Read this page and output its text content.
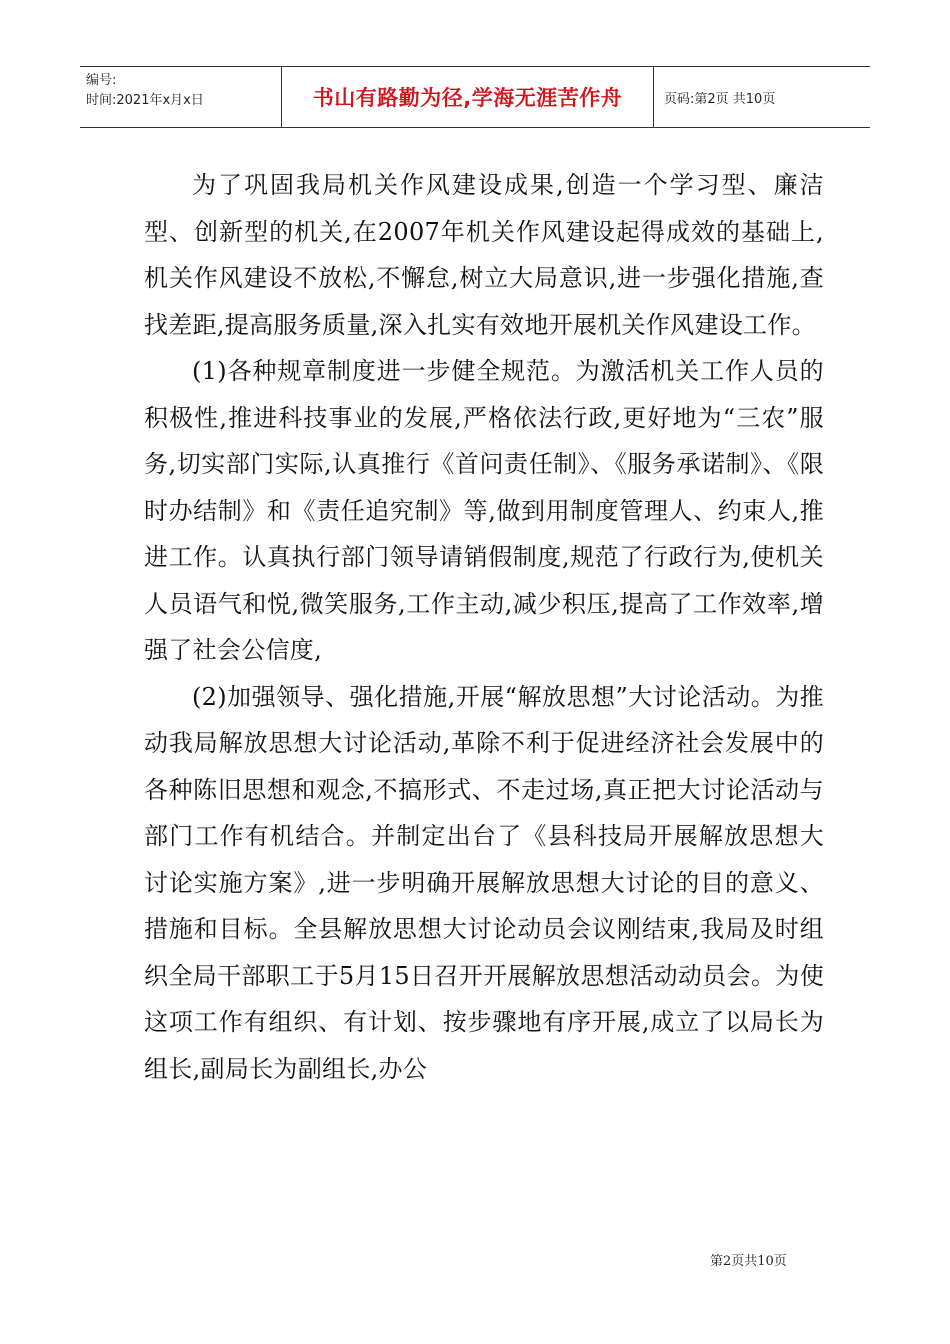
编号:
时间:2021年x月x日	书山有路勤为径,学海无涯苦作舟	页码:第2页 共10页

为了巩固我局机关作风建设成果,创造一个学习型、廉洁型、创新型的机关,在2007年机关作风建设起得成效的基础上,机关作风建设不放松,不懈怠,树立大局意识,进一步强化措施,查找差距,提高服务质量,深入扎实有效地开展机关作风建设工作。

(1)各种规章制度进一步健全规范。为激活机关工作人员的积极性,推进科技事业的发展,严格依法行政,更好地为“三农”服务,切实部门实际,认真推行《首问责任制》、《服务承诺制》、《限时办结制》和《责任追究制》等,做到用制度管理人、约束人,推进工作。认真执行部门领导请销假制度,规范了行政行为,使机关人员语气和悦,微笑服务,工作主动,减少积压,提高了工作效率,增强了社会公信度,

(2)加强领导、强化措施,开展“解放思想”大讨论活动。为推动我局解放思想大讨论活动,革除不利于促进经济社会发展中的各种陈旧思想和观念,不搞形式、不走过场,真正把大讨论活动与部门工作有机结合。并制定出台了《县科技局开展解放思想大讨论实施方案》,进一步明确开展解放思想大讨论的目的意义、措施和目标。全县解放思想大讨论动员会议刚结束,我局及时组织全局干部职工于5月15日召开开展解放思想活动动员会。为使这项工作有组织、有计划、按步骤地有序开展,成立了以局长为组长,副局长为副组长,办公

第2页共10页
